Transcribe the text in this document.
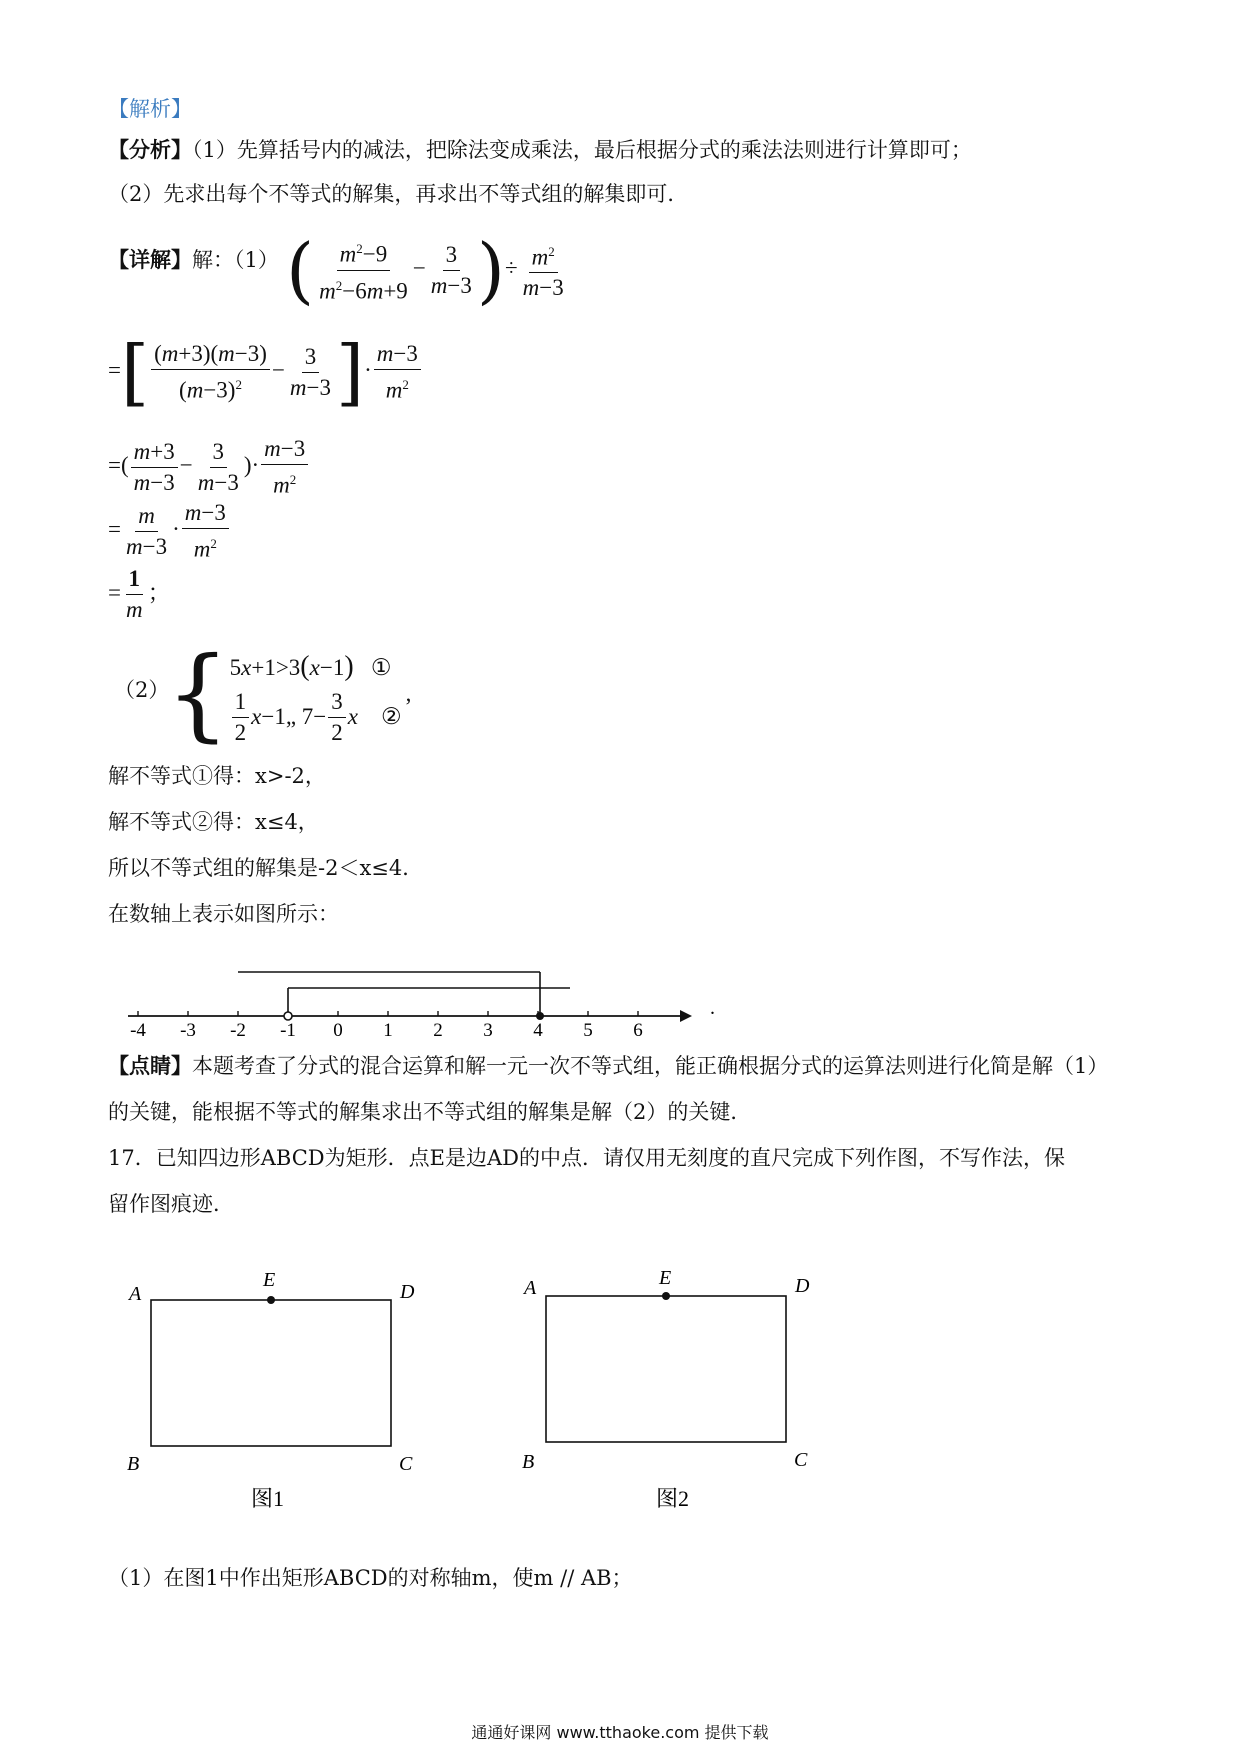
【解析】
【分析】（1）先算括号内的减法，把除法变成乘法，最后根据分式的乘法法则进行计算即可；
（2）先求出每个不等式的解集，再求出不等式组的解集即可．
【详解】解：（1） ( $\frac{m^2-9}{m^2-6m+9} - \frac{3}{m-3}$ )÷ $\frac{m^2}{m-3}$
=[ $\frac{(m+3)(m-3)}{(m-3)^2} - \frac{3}{m-3}$ ]· $\frac{m-3}{m^2}$
=( $\frac{m+3}{m-3} - \frac{3}{m-3}$ )· $\frac{m-3}{m^2}$
= $\frac{m}{m-3} \cdot \frac{m-3}{m^2}$
= $\frac{1}{m}$ ；
（2）
{ 5x+1>3(x−1)   ①
$\frac{1}{2}$ x −1„ $7- \frac{3}{2}$ x ②
,
解不等式①得：x>-2，
解不等式②得：x≤4，
所以不等式组的解集是-2＜x≤4．
在数轴上表示如图所示：
-4 -3 -2 -1 0 1 2 3 4 5 6
.
【点睛】本题考查了分式的混合运算和解一元一次不等式组，能正确根据分式的运算法则进行化简是解（1）
的关键，能根据不等式的解集求出不等式组的解集是解（2）的关键．
17．已知四边形ABCD为矩形．点E是边AD的中点．请仅用无刻度的直尺完成下列作图，不写作法，保
留作图痕迹．
A
B	C
D
E
图1
A
B	C
D
E
图2
（1）在图1中作出矩形ABCD的对称轴m，使m // AB；
通通好课网 www.tthaoke.com 提供下载
